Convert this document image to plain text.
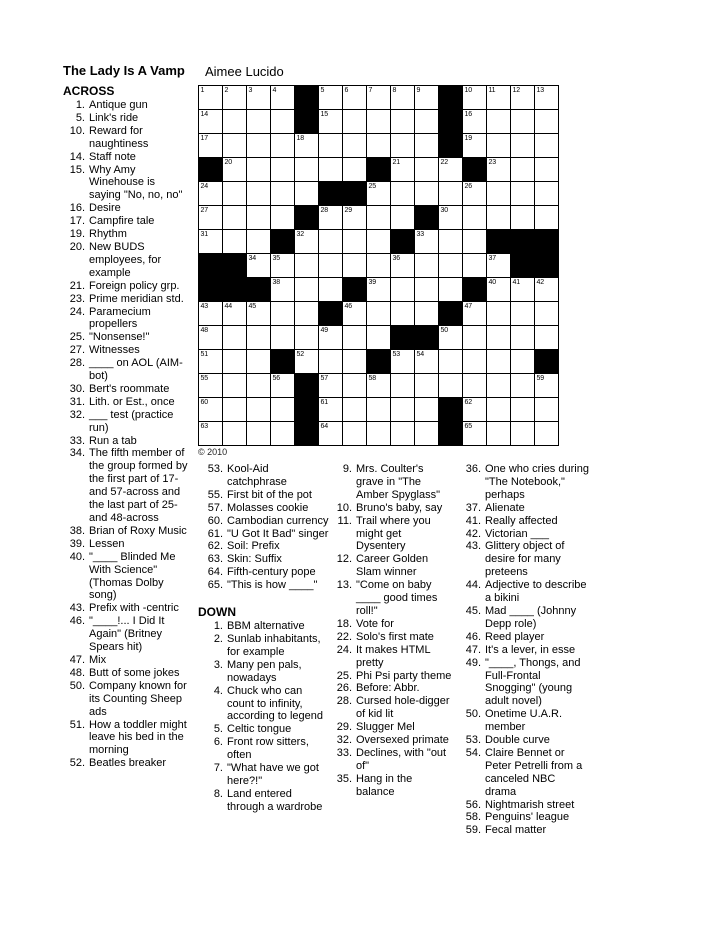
The Lady Is A Vamp Aimee Lucido
ACROSS
1. Antique gun
5. Link's ride
10. Reward for naughtiness
14. Staff note
15. Why Amy Winehouse is saying "No, no, no"
16. Desire
17. Campfire tale
19. Rhythm
20. New BUDS employees, for example
21. Foreign policy grp.
23. Prime meridian std.
24. Paramecium propellers
25. "Nonsense!"
27. Witnesses
28. ____ on AOL (AIM-bot)
30. Bert's roommate
31. Lith. or Est., once
32. ___ test (practice run)
33. Run a tab
34. The fifth member of the group formed by the first part of 17- and 57-across and the last part of 25- and 48-across
38. Brian of Roxy Music
39. Lessen
40. "____ Blinded Me With Science" (Thomas Dolby song)
43. Prefix with -centric
46. "____!... I Did It Again" (Britney Spears hit)
47. Mix
48. Butt of some jokes
50. Company known for its Counting Sheep ads
51. How a toddler might leave his bed in the morning
52. Beatles breaker
1	2	3	4	5	6	7	8	9	10 11 12 13
14	15	16
17	18	19
20	21	22	23
24	25	26
27	28 29	30
31	32	33
34 35	36	37
38	39	40 41 42
43 44 45	46	47
48	49	50
51	52	53 54
55	56	57	58	59
60	61	62
63	64	65
© 2010
53. Kool-Aid catchphrase
55. First bit of the pot
57. Molasses cookie
60. Cambodian currency
61. "U Got It Bad" singer
62. Soil: Prefix
63. Skin: Suffix
64. Fifth-century pope
65. "This is how ____"
DOWN
1. BBM alternative
2. Sunlab inhabitants, for example
3. Many pen pals, nowadays
4. Chuck who can count to infinity, according to legend
5. Celtic tongue
6. Front row sitters, often
7. "What have we got here?!"
8. Land entered through a wardrobe
9. Mrs. Coulter's grave in "The Amber Spyglass"
10. Bruno's baby, say
11. Trail where you might get Dysentery
12. Career Golden Slam winner
13. "Come on baby ____ good times roll!"
18. Vote for
22. Solo's first mate
24. It makes HTML pretty
25. Phi Psi party theme
26. Before: Abbr.
28. Cursed hole-digger of kid lit
29. Slugger Mel
32. Oversexed primate
33. Declines, with "out of"
35. Hang in the balance
36. One who cries during "The Notebook," perhaps
37. Alienate
41. Really affected
42. Victorian ___
43. Glittery object of desire for many preteens
44. Adjective to describe a bikini
45. Mad ____ (Johnny Depp role)
46. Reed player
47. It's a lever, in esse
49. "____, Thongs, and Full-Frontal Snogging" (young adult novel)
50. Onetime U.A.R. member
53. Double curve
54. Claire Bennet or Peter Petrelli from a canceled NBC drama
56. Nightmarish street
58. Penguins' league
59. Fecal matter
